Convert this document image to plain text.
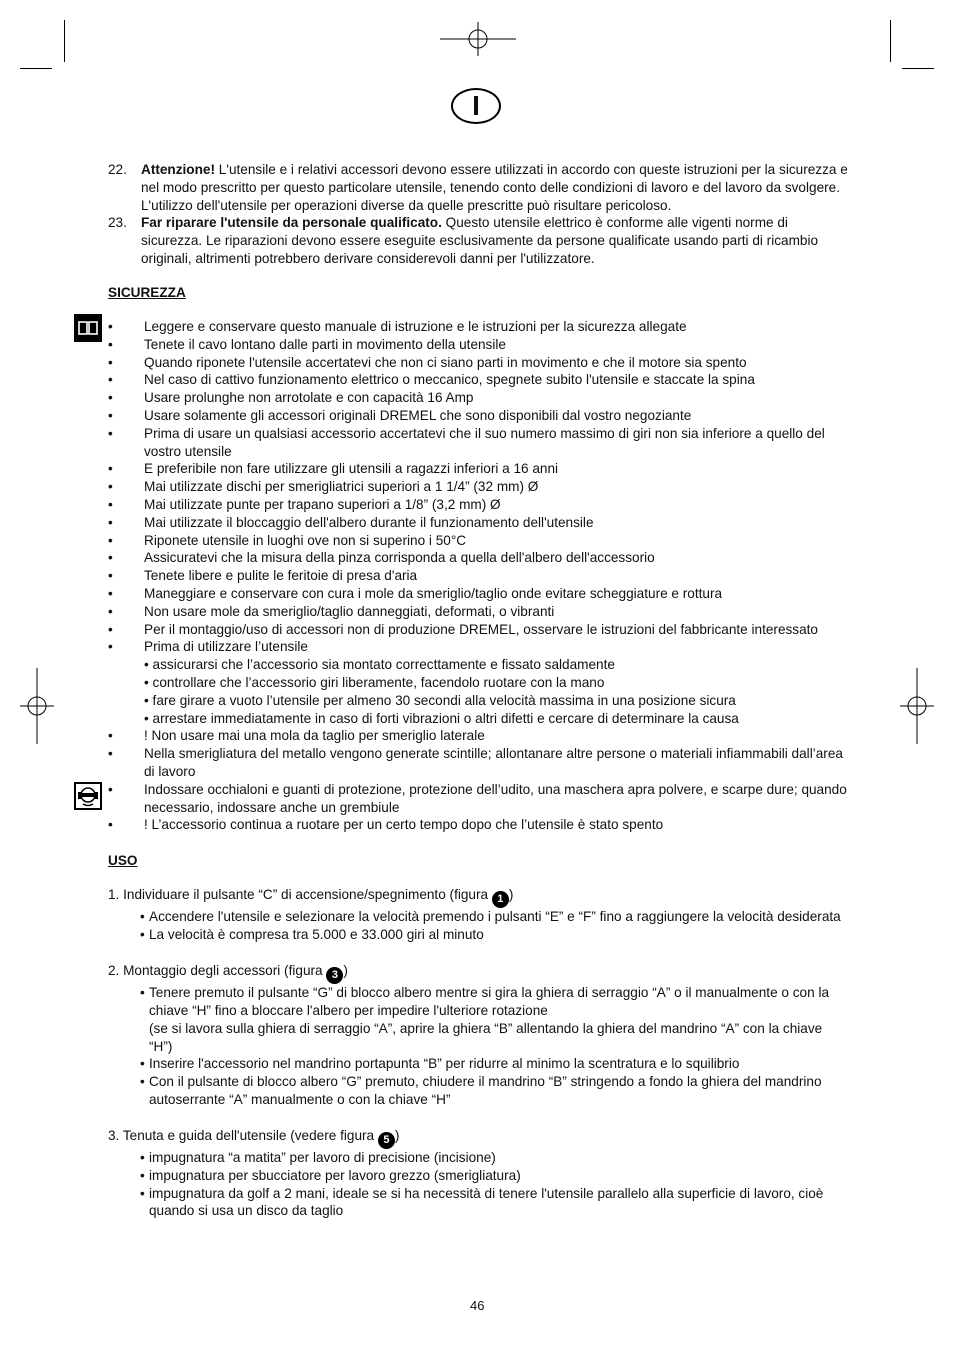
I
22. Attenzione! L'utensile e i relativi accessori devono essere utilizzati in accordo con queste istruzioni per la sicurezza e nel modo prescritto per questo particolare utensile, tenendo conto delle condizioni di lavoro e del lavoro da svolgere. L'utilizzo dell'utensile per operazioni diverse da quelle prescritte può risultare pericoloso.
23. Far riparare l'utensile da personale qualificato. Questo utensile elettrico è conforme alle vigenti norme di sicurezza. Le riparazioni devono essere eseguite esclusivamente da persone qualificate usando parti di ricambio originali, altrimenti potrebbero derivare considerevoli danni per l'utilizzatore.
SICUREZZA
• Leggere e conservare questo manuale di istruzione e le istruzioni per la sicurezza allegate
• Tenete il cavo lontano dalle parti in movimento della utensile
• Quando riponete l'utensile accertatevi che non ci siano parti in movimento e che il motore sia spento
• Nel caso di cattivo funzionamento elettrico o meccanico, spegnete subito l'utensile e staccate la spina
• Usare prolunghe non arrotolate e con capacità 16 Amp
• Usare solamente gli accessori originali DREMEL che sono disponibili dal vostro negoziante
• Prima di usare un qualsiasi accessorio accertatevi che il suo numero massimo di giri non sia inferiore a quello del vostro utensile
• E preferibile non fare utilizzare gli utensili a ragazzi inferiori a 16 anni
• Mai utilizzate dischi per smerigliatrici superiori a 1 1/4” (32 mm) Ø
• Mai utilizzate punte per trapano superiori a 1/8” (3,2 mm) Ø
• Mai utilizzate il bloccaggio dell'albero durante il funzionamento dell'utensile
• Riponete utensile in luoghi ove non si superino i 50°C
• Assicuratevi che la misura della pinza corrisponda a quella dell'albero dell'accessorio
• Tenete libere e pulite le feritoie di presa d'aria
• Maneggiare e conservare con cura i mole da smeriglio/taglio onde evitare scheggiature e rottura
• Non usare mole da smeriglio/taglio danneggiati, deformati, o vibranti
• Per il montaggio/uso di accessori non di produzione DREMEL, osservare le istruzioni del fabbricante interessato
• Prima di utilizzare l’utensile
• assicurarsi che l’accessorio sia montato correcttamente e fissato saldamente
• controllare che l’accessorio giri liberamente, facendolo ruotare con la mano
• fare girare a vuoto l’utensile per almeno 30 secondi alla velocità massima in una posizione sicura
• arrestare immediatamente in caso di forti vibrazioni o altri difetti e cercare di determinare la causa
• ! Non usare mai una mola da taglio per smeriglio laterale
• Nella smerigliatura del metallo vengono generate scintille; allontanare altre persone o materiali infiammabili dall’area di lavoro
• Indossare occhialoni e guanti di protezione, protezione dell’udito, una maschera apra polvere, e scarpe dure; quando necessario, indossare anche un grembiule
• ! L’accessorio continua a ruotare per un certo tempo dopo che l’utensile è stato spento
USO
1. Individuare il pulsante “C” di accensione/spegnimento (figura 1 )
• Accendere l'utensile e selezionare la velocità premendo i pulsanti “E” e “F” fino a raggiungere la velocità desiderata
• La velocità è compresa tra 5.000 e 33.000 giri al minuto
2. Montaggio degli accessori (figura 3 )
• Tenere premuto il pulsante “G” di blocco albero mentre si gira la ghiera di serraggio “A” o il manualmente o con la chiave “H” fino a bloccare l'albero per impedire l'ulteriore rotazione
(se si lavora sulla ghiera di serraggio “A”, aprire la ghiera “B” allentando la ghiera del mandrino “A” con la chiave “H”)
• Inserire l'accessorio nel mandrino portapunta “B” per ridurre al minimo la scentratura e lo squilibrio
• Con il pulsante di blocco albero “G” premuto, chiudere il mandrino “B” stringendo a fondo la ghiera del mandrino autoserrante “A” manualmente o con la chiave “H”
3. Tenuta e guida dell'utensile (vedere figura 5 )
• impugnatura “a matita” per lavoro di precisione (incisione)
• impugnatura per sbucciatore per lavoro grezzo (smerigliatura)
• impugnatura da golf a 2 mani, ideale se si ha necessità di tenere l'utensile parallelo alla superficie di lavoro, cioè quando si usa un disco da taglio
46
